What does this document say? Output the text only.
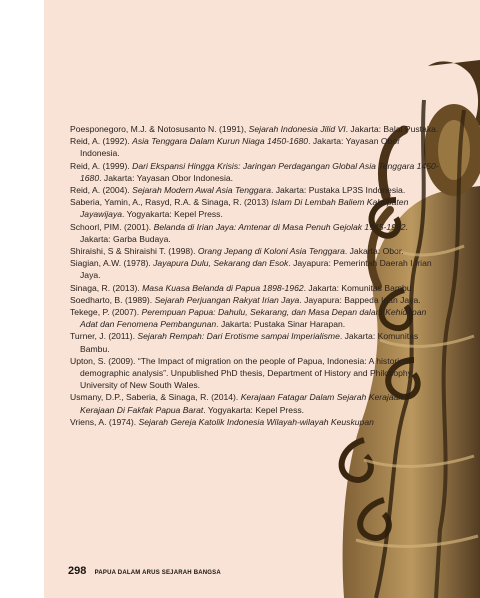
Poesponegoro, M.J. & Notosusanto N. (1991), Sejarah Indonesia Jilid VI. Jakarta: Balai Pustaka.

Reid, A. (1992). Asia Tenggara Dalam Kurun Niaga 1450-1680. Jakarta: Yayasan Obor Indonesia.

Reid, A. (1999). Dari Ekspansi Hingga Krisis: Jaringan Perdagangan Global Asia Tenggara 1450-1680. Jakarta: Yayasan Obor Indonesia.

Reid, A. (2004). Sejarah Modern Awal Asia Tenggara. Jakarta: Pustaka LP3S Indonesia.

Saberia, Yamin, A., Rasyd, R.A. & Sinaga, R. (2013) Islam Di Lembah Baliem Kabupaten Jayawijaya. Yogyakarta: Kepel Press.

Schoorl, PIM. (2001). Belanda di Irian Jaya: Amtenar di Masa Penuh Gejolak 1945-1962. Jakarta: Garba Budaya.

Shiraishi, S & Shiraishi T. (1998). Orang Jepang di Koloni Asia Tenggara. Jakarta: Obor.

Siagian, A.W. (1978). Jayapura Dulu, Sekarang dan Esok. Jayapura: Pemerintah Daerah I Irian Jaya.

Sinaga, R. (2013). Masa Kuasa Belanda di Papua 1898-1962. Jakarta: Komunitas Bambu.

Soedharto, B. (1989). Sejarah Perjuangan Rakyat Irian Jaya. Jayapura: Bappeda Irian Jaya.

Tekege, P. (2007). Perempuan Papua: Dahulu, Sekarang, dan Masa Depan dalam Kehidupan Adat dan Fenomena Pembangunan. Jakarta: Pustaka Sinar Harapan.

Turner, J. (2011). Sejarah Rempah: Dari Erotisme sampai Imperialisme. Jakarta: Komunitas Bambu.

Upton, S. (2009). “The Impact of migration on the people of Papua, Indonesia: A historical demographic analysis”. Unpublished PhD thesis, Department of History and Philosophy, University of New South Wales.

Usmany, D.P., Saberia, & Sinaga, R. (2014). Kerajaan Fatagar Dalam Sejarah Kerajaan-Kerajaan Di Fakfak Papua Barat. Yogyakarta: Kepel Press.

Vriens, A. (1974). Sejarah Gereja Katolik Indonesia Wilayah-wilayah Keuskupan

298 PAPUA DALAM ARUS SEJARAH BANGSA
